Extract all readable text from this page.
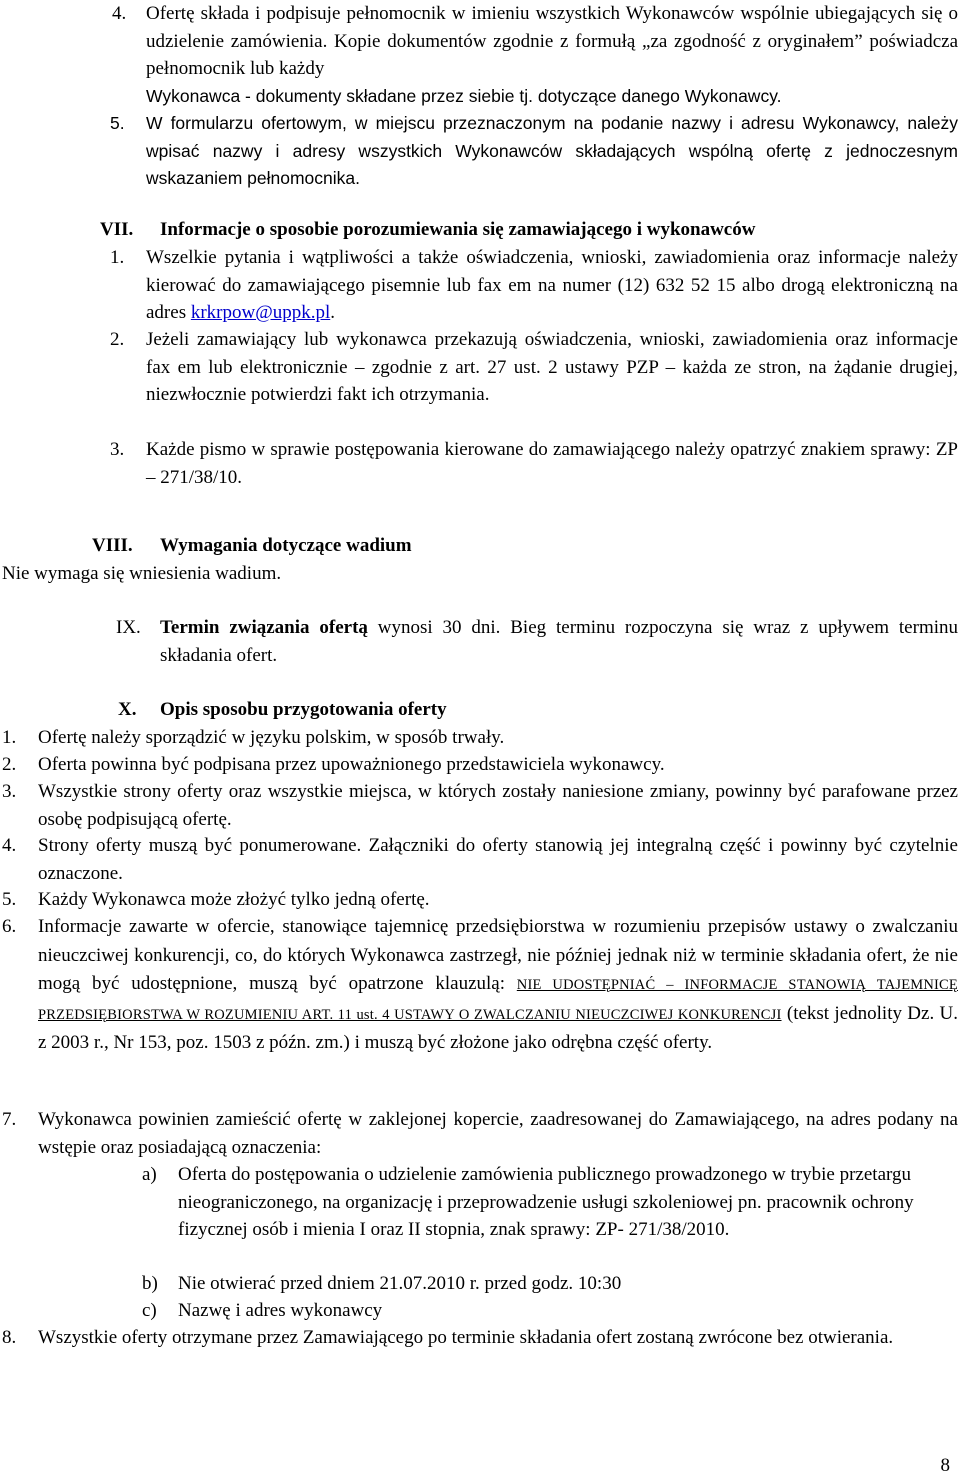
4. Ofertę składa i podpisuje pełnomocnik w imieniu wszystkich Wykonawców wspólnie ubiegających się o udzielenie zamówienia. Kopie dokumentów zgodnie z formułą „za zgodność z oryginałem” poświadcza pełnomocnik lub każdy
Wykonawca - dokumenty składane przez siebie tj. dotyczące danego Wykonawcy.
5. W formularzu ofertowym, w miejscu przeznaczonym na podanie nazwy i adresu Wykonawcy, należy wpisać nazwy i adresy wszystkich Wykonawców składających wspólną ofertę z jednoczesnym wskazaniem pełnomocnika.
VII. Informacje o sposobie porozumiewania się zamawiającego i wykonawców
1. Wszelkie pytania i wątpliwości a także oświadczenia, wnioski, zawiadomienia oraz informacje należy kierować do zamawiającego pisemnie lub fax em na numer (12) 632 52 15 albo drogą elektroniczną na adres krkrpow@uppk.pl.
2. Jeżeli zamawiający lub wykonawca przekazują oświadczenia, wnioski, zawiadomienia oraz informacje fax em lub elektronicznie – zgodnie z art. 27 ust. 2 ustawy PZP – każda ze stron, na żądanie drugiej, niezwłocznie potwierdzi fakt ich otrzymania.
3. Każde pismo w sprawie postępowania kierowane do zamawiającego należy opatrzyć znakiem sprawy: ZP – 271/38/10.
VIII. Wymagania dotyczące wadium
Nie wymaga się wniesienia wadium.
IX. Termin związania ofertą wynosi 30 dni. Bieg terminu rozpoczyna się wraz z upływem terminu składania ofert.
X. Opis sposobu przygotowania oferty
1. Ofertę należy sporządzić w języku polskim, w sposób trwały.
2. Oferta powinna być podpisana przez upoważnionego przedstawiciela wykonawcy.
3. Wszystkie strony oferty oraz wszystkie miejsca, w których zostały naniesione zmiany, powinny być parafowane przez osobę podpisującą ofertę.
4. Strony oferty muszą być ponumerowane. Załączniki do oferty stanowią jej integralną część i powinny być czytelnie oznaczone.
5. Każdy Wykonawca może złożyć tylko jedną ofertę.
6. Informacje zawarte w ofercie, stanowiące tajemnicę przedsiębiorstwa w rozumieniu przepisów ustawy o zwalczaniu nieuczciwej konkurencji, co, do których Wykonawca zastrzegł, nie później jednak niż w terminie składania ofert, że nie mogą być udostępnione, muszą być opatrzone klauzulą: NIE UDOSTĘPNIAĆ – INFORMACJE STANOWIĄ TAJEMNICĘ PRZEDSIĘBIORSTWA W ROZUMIENIU ART. 11 ust. 4 USTAWY O ZWALCZANIU NIEUCZCIWEJ KONKURENCJI (tekst jednolity Dz. U. z 2003 r., Nr 153, poz. 1503 z późn. zm.) i muszą być złożone jako odrębna część oferty.
7. Wykonawca powinien zamieścić ofertę w zaklejonej kopercie, zaadresowanej do Zamawiającego, na adres podany na wstępie oraz posiadającą oznaczenia:
a) Oferta do postępowania o udzielenie zamówienia publicznego prowadzonego w trybie przetargu nieograniczonego, na organizację i przeprowadzenie usługi szkoleniowej pn. pracownik ochrony fizycznej osób i mienia I oraz II stopnia, znak sprawy: ZP- 271/38/2010.
b) Nie otwierać przed dniem 21.07.2010 r. przed godz. 10:30
c) Nazwę i adres wykonawcy
8. Wszystkie oferty otrzymane przez Zamawiającego po terminie składania ofert zostaną zwrócone bez otwierania.
8
